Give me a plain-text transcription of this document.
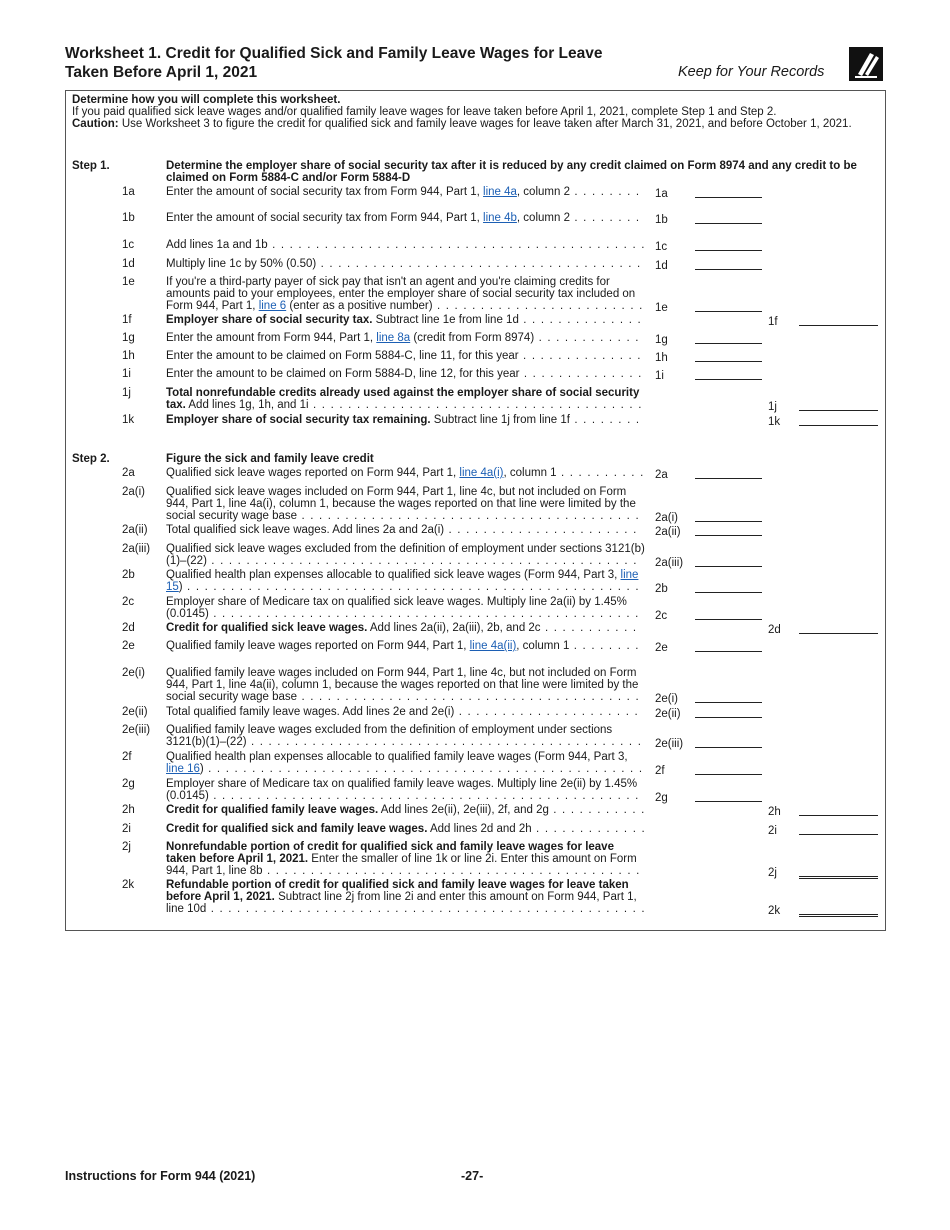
Worksheet 1. Credit for Qualified Sick and Family Leave Wages for Leave Taken Before April 1, 2021	Keep for Your Records
Determine how you will complete this worksheet.
If you paid qualified sick leave wages and/or qualified family leave wages for leave taken before April 1, 2021, complete Step 1 and Step 2.
Caution: Use Worksheet 3 to figure the credit for qualified sick and family leave wages for leave taken after March 31, 2021, and before October 1, 2021.
Step 1.	Determine the employer share of social security tax after it is reduced by any credit claimed on Form 8974 and any credit to be claimed on Form 5884-C and/or Form 5884-D
1a	Enter the amount of social security tax from Form 944, Part 1, line 4a, column 2 . . . . . . . .	1a
1b	Enter the amount of social security tax from Form 944, Part 1, line 4b, column 2 . . . . . . . .	1b
1c	Add lines 1a and 1b . . . . . . . . . . . . . . . . . . . . . . . . . . . . . . . . . . . . . . . . . . . 1c
1d	Multiply line 1c by 50% (0.50) . . . . . . . . . . . . . . . . . . . . . . . . . . . . . . . . . . . . .	1d
1e	If you're a third-party payer of sick pay that isn't an agent and you're claiming credits for amounts paid to your employees, enter the employer share of social security tax included on Form 944, Part 1, line 6 (enter as a positive number) . . . . . . . . . . . . . . . . . . . . . . . . 1e
1f	Employer share of social security tax. Subtract line 1e from line 1d . . . . . . . . . . . . . .	1f
1g	Enter the amount from Form 944, Part 1, line 8a (credit from Form 8974) . . . . . . . . . . . .	1g
1h	Enter the amount to be claimed on Form 5884-C, line 11, for this year . . . . . . . . . . . . . .	1h
1i	Enter the amount to be claimed on Form 5884-D, line 12, for this year . . . . . . . . . . . . . . 1i
1j	Total nonrefundable credits already used against the employer share of social security tax. Add lines 1g, 1h, and 1i . . . . . . . . . . . . . . . . . . . . . . . . . . . . . . . . . . . . . .	1j
1k	Employer share of social security tax remaining. Subtract line 1j from line 1f . . . . . . . .	1k
Step 2.	Figure the sick and family leave credit
2a	Qualified sick leave wages reported on Form 944, Part 1, line 4a(i), column 1 . . . . . . . . . . 2a
2a(i) Qualified sick leave wages included on Form 944, Part 1, line 4c, but not included on Form 944, Part 1, line 4a(i), column 1, because the wages reported on that line were limited by the social security wage base . . . . . . . . . . . . . . . . . . . . . . . . . . . . . . . . . . . . . . .	2a(i)
2a(ii) Total qualified sick leave wages. Add lines 2a and 2a(i) . . . . . . . . . . . . . . . . . . . . . .	2a(ii)
2a(iii) Qualified sick leave wages excluded from the definition of employment under sections 3121(b)(1)–(22) . . . . . . . . . . . . . . . . . . . . . . . . . . . . . . . . . . . . . . . . . . . . . . . . .	2a(iii)
2b	Qualified health plan expenses allocable to qualified sick leave wages (Form 944, Part 3, line 15) . . . . . . . . . . . . . . . . . . . . . . . . . . . . . . . . . . . . . . . . . . . . . . . . . . . .	2b
2c	Employer share of Medicare tax on qualified sick leave wages. Multiply line 2a(ii) by 1.45% (0.0145) . . . . . . . . . . . . . . . . . . . . . . . . . . . . . . . . . . . . . . . . . . . . . . . . .	2c
2d	Credit for qualified sick leave wages. Add lines 2a(ii), 2a(iii), 2b, and 2c . . . . . . . . . . .	2d
2e	Qualified family leave wages reported on Form 944, Part 1, line 4a(ii), column 1 . . . . . . . .	2e
2e(i) Qualified family leave wages included on Form 944, Part 1, line 4c, but not included on Form 944, Part 1, line 4a(ii), column 1, because the wages reported on that line were limited by the social security wage base . . . . . . . . . . . . . . . . . . . . . . . . . . . . . . . . . . . . . . .	2e(i)
2e(ii) Total qualified family leave wages. Add lines 2e and 2e(i) . . . . . . . . . . . . . . . . . . . . .	2e(ii)
2e(iii) Qualified family leave wages excluded from the definition of employment under sections 3121(b)(1)–(22) . . . . . . . . . . . . . . . . . . . . . . . . . . . . . . . . . . . . . . . . . . . . .	2e(iii)
2f	Qualified health plan expenses allocable to qualified family leave wages (Form 944, Part 3, line 16) . . . . . . . . . . . . . . . . . . . . . . . . . . . . . . . . . . . . . . . . . . . . . . . . . . 2f
2g	Employer share of Medicare tax on qualified family leave wages. Multiply line 2e(ii) by 1.45% (0.0145) . . . . . . . . . . . . . . . . . . . . . . . . . . . . . . . . . . . . . . . . . . . . . . . . .	2g
2h	Credit for qualified family leave wages. Add lines 2e(ii), 2e(iii), 2f, and 2g . . . . . . . . . . .	2h
2i	Credit for qualified sick and family leave wages. Add lines 2d and 2h . . . . . . . . . . . . .	2i
2j	Nonrefundable portion of credit for qualified sick and family leave wages for leave taken before April 1, 2021. Enter the smaller of line 1k or line 2i. Enter this amount on Form 944, Part 1, line 8b . . . . . . . . . . . . . . . . . . . . . . . . . . . . . . . . . . . . . . . . . . .	2j
2k	Refundable portion of credit for qualified sick and family leave wages for leave taken before April 1, 2021. Subtract line 2j from line 2i and enter this amount on Form 944, Part 1, line 10d . . . . . . . . . . . . . . . . . . . . . . . . . . . . . . . . . . . . . . . . . . . . . . . . . .	2k
Instructions for Form 944 (2021)	-27-
